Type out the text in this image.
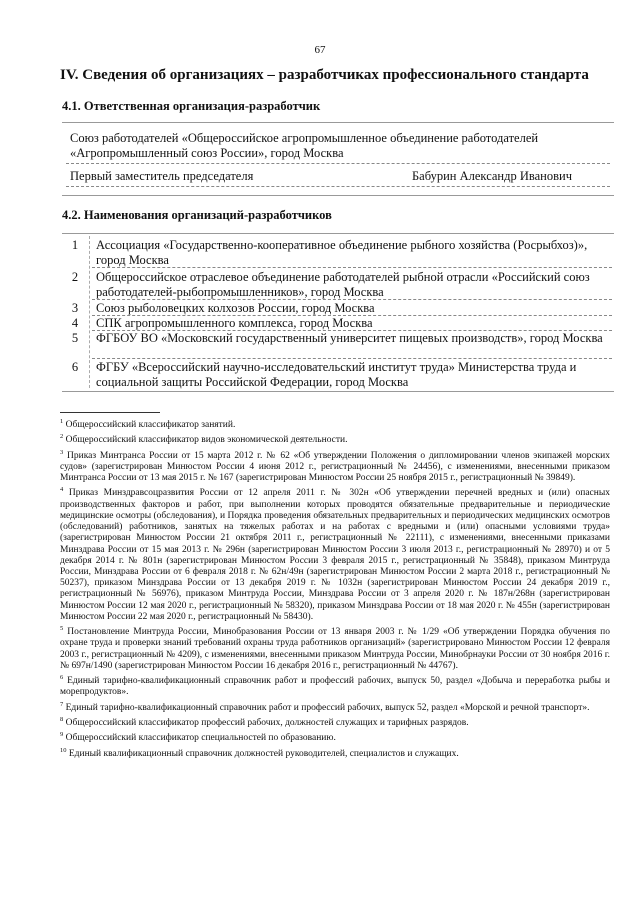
67
IV. Сведения об организациях – разработчиках профессионального стандарта
4.1. Ответственная организация-разработчик
Союз работодателей «Общероссийское агропромышленное объединение работодателей
«Агропромышленный союз России», город Москва
Первый заместитель председателя	Бабурин Александр Иванович
4.2. Наименования организаций-разработчиков
1	Ассоциация «Государственно-кооперативное объединение рыбного хозяйства (Росрыбхоз)», город Москва
2	Общероссийское отраслевое объединение работодателей рыбной отрасли «Российский союз работодателей-рыбопромышленников», город Москва
3	Союз рыболовецких колхозов России, город Москва
4	СПК агропромышленного комплекса, город Москва
5	ФГБОУ ВО «Московский государственный университет пищевых производств», город Москва
6	ФГБУ «Всероссийский научно-исследовательский институт труда» Министерства труда и социальной защиты Российской Федерации, город Москва

$^1$ Общероссийский классификатор занятий.

$^2$ Общероссийский классификатор видов экономической деятельности.

$^3$ Приказ Минтранса России от 15 марта 2012 г. № 62 «Об утверждении Положения о дипломировании членов экипажей морских судов» (зарегистрирован Минюстом России 4 июня 2012 г., регистрационный № 24456), с изменениями, внесенными приказом Минтранса России от 13 мая 2015 г. № 167 (зарегистрирован Минюстом России 25 ноября 2015 г., регистрационный № 39849).

$^4$ Приказ Минздравсоцразвития России от 12 апреля 2011 г. № 302н «Об утверждении перечней вредных и (или) опасных производственных факторов и работ, при выполнении которых проводятся обязательные предварительные и периодические медицинские осмотры (обследования), и Порядка проведения обязательных предварительных и периодических медицинских осмотров (обследований) работников, занятых на тяжелых работах и на работах с вредными и (или) опасными условиями труда» (зарегистрирован Минюстом России 21 октября 2011 г., регистрационный № 22111), с изменениями, внесенными приказами Минздрава России от 15 мая 2013 г. № 296н (зарегистрирован Минюстом России 3 июля 2013 г., регистрационный № 28970) и от 5 декабря 2014 г. № 801н (зарегистрирован Минюстом России 3 февраля 2015 г., регистрационный № 35848), приказом Минтруда России, Минздрава России от 6 февраля 2018 г. № 62н/49н (зарегистрирован Минюстом России 2 марта 2018 г., регистрационный № 50237), приказом Минздрава России от 13 декабря 2019 г. № 1032н (зарегистрирован Минюстом России 24 декабря 2019 г., регистрационный № 56976), приказом Минтруда России, Минздрава России от 3 апреля 2020 г. № 187н/268н (зарегистрирован Минюстом России 12 мая 2020 г., регистрационный № 58320), приказом Минздрава России от 18 мая 2020 г. № 455н (зарегистрирован Минюстом России 22 мая 2020 г., регистрационный № 58430).

$^5$ Постановление Минтруда России, Минобразования России от 13 января 2003 г. № 1/29 «Об утверждении Порядка обучения по охране труда и проверки знаний требований охраны труда работников организаций» (зарегистрировано Минюстом России 12 февраля 2003 г., регистрационный № 4209), с изменениями, внесенными приказом Минтруда России, Минобрнауки России от 30 ноября 2016 г. № 697н/1490 (зарегистрирован Минюстом России 16 декабря 2016 г., регистрационный № 44767).

$^6$ Единый тарифно-квалификационный справочник работ и профессий рабочих, выпуск 50, раздел «Добыча и переработка рыбы и морепродуктов».

$^7$ Единый тарифно-квалификационный справочник работ и профессий рабочих, выпуск 52, раздел «Морской и речной транспорт».

$^8$ Общероссийский классификатор профессий рабочих, должностей служащих и тарифных разрядов.

$^9$ Общероссийский классификатор специальностей по образованию.

$^{10}$ Единый квалификационный справочник должностей руководителей, специалистов и служащих.
